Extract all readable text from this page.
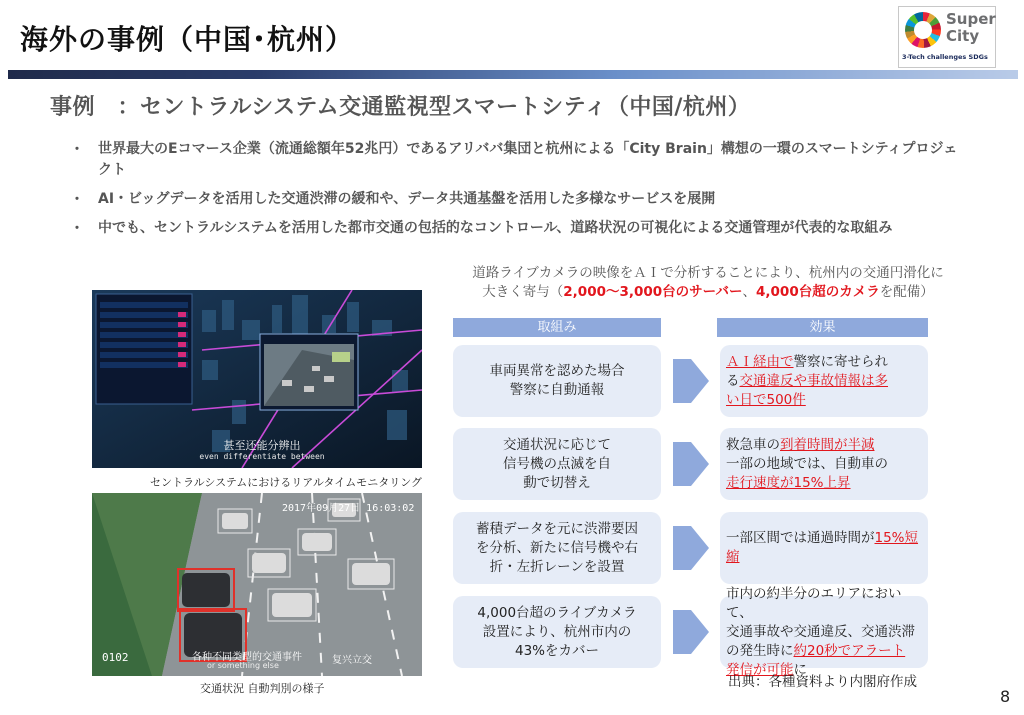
海外の事例（中国･杭州）
Super
City
3-Tech challenges SDGs
事例　：セントラルシステム交通監視型スマートシティ（中国/杭州）
・ 世界最大のEコマース企業（流通総額年52兆円）であるアリババ集団と杭州による「City Brain」構想の一環のスマートシティプロジェクト
・ AI・ビッグデータを活用した交通渋滞の緩和や、データ共通基盤を活用した多様なサービスを展開
・ 中でも、セントラルシステムを活用した都市交通の包括的なコントロール、道路状況の可視化による交通管理が代表的な取組み
甚至还能分辨出
even differentiate between
セントラルシステムにおけるリアルタイムモニタリング
2017年09月27日 16:03:02
各种不同类型的交通事件
or something else
0102	复兴立交
交通状況 自動判別の様子
道路ライブカメラの映像をＡＩで分析することにより、杭州内の交通円滑化に
大きく寄与（2,000～3,000台のサーバー、4,000台超のカメラを配備）
取組み	効果
車両異常を認めた場合
警察に自動通報
交通状況に応じて
信号機の点滅を自
動で切替え
蓄積データを元に渋滞要因
を分析、新たに信号機や右
折・左折レーンを設置
4,000台超のライブカメラ
設置により、杭州市内の
43%をカバー
ＡＩ経由で警察に寄せられ
る交通違反や事故情報は多
い日で500件
救急車の到着時間が半減
一部の地域では、自動車の
走行速度が15%上昇
一部区間では通過時間が15%短縮
市内の約半分のエリアにおいて、
交通事故や交通違反、交通渋滞
の発生時に約20秒でアラート
発信が可能に
出典：各種資料より内閣府作成
8
